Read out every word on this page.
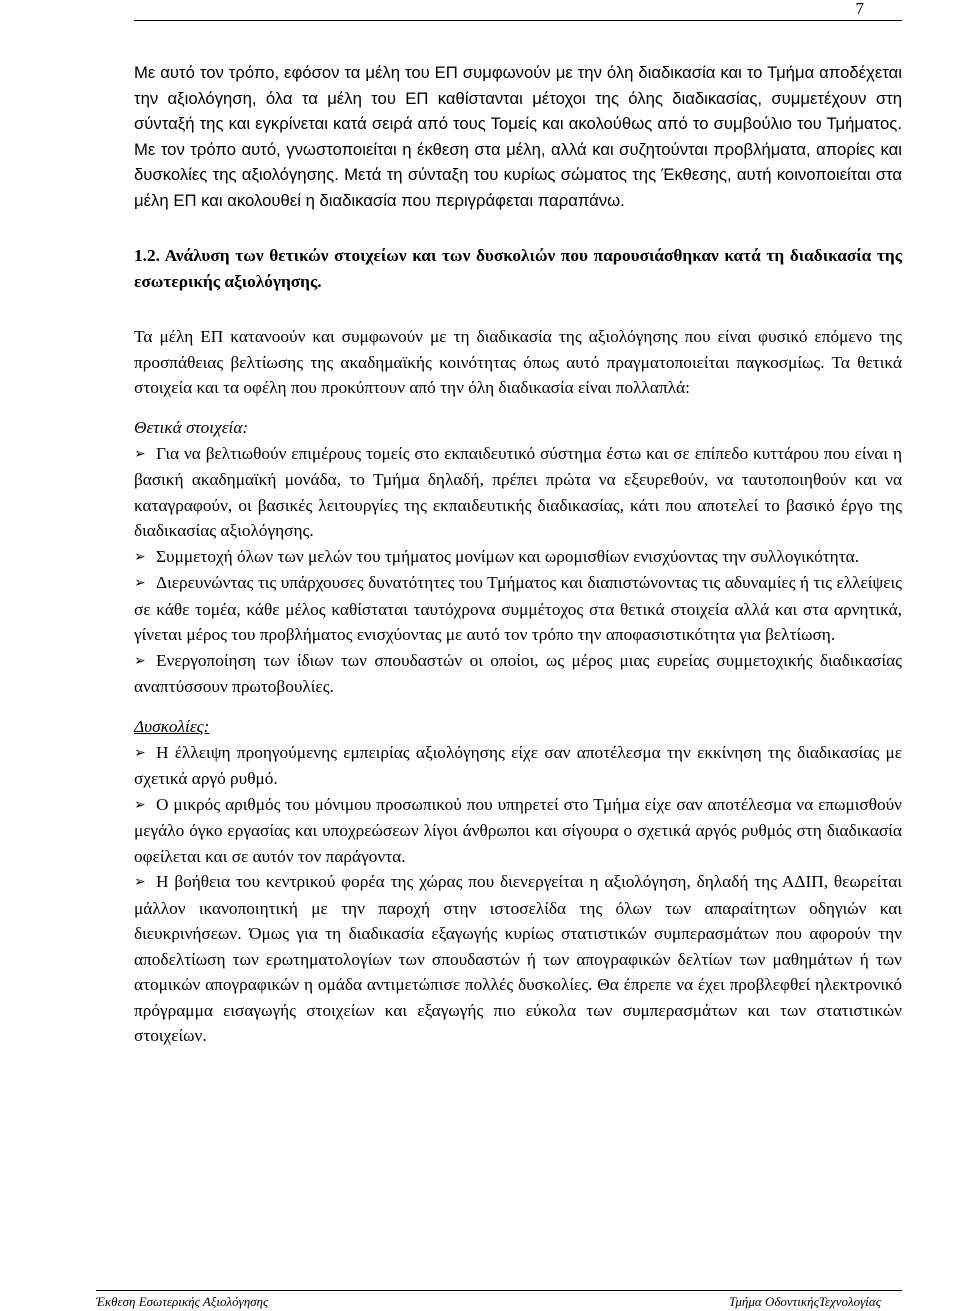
7

Με αυτό τον τρόπο, εφόσον τα μέλη του ΕΠ συμφωνούν με την όλη διαδικασία και το Τμήμα αποδέχεται την αξιολόγηση, όλα τα μέλη του ΕΠ καθίστανται μέτοχοι της όλης διαδικασίας, συμμετέχουν στη σύνταξή της και εγκρίνεται κατά σειρά από τους Τομείς και ακολούθως από το συμβούλιο του Τμήματος. Με τον τρόπο αυτό, γνωστοποιείται η έκθεση στα μέλη, αλλά και συζητούνται προβλήματα, απορίες και δυσκολίες της αξιολόγησης. Μετά τη σύνταξη του κυρίως σώματος της Έκθεσης, αυτή κοινοποιείται στα μέλη ΕΠ και ακολουθεί η διαδικασία που περιγράφεται παραπάνω.

1.2. Ανάλυση των θετικών στοιχείων και των δυσκολιών που παρουσιάσθηκαν κατά τη διαδικασία της εσωτερικής αξιολόγησης.

Τα μέλη ΕΠ κατανοούν και συμφωνούν με τη διαδικασία της αξιολόγησης που είναι φυσικό επόμενο της προσπάθειας βελτίωσης της ακαδημαϊκής κοινότητας όπως αυτό πραγματοποιείται παγκοσμίως. Τα θετικά στοιχεία και τα οφέλη που προκύπτουν από την όλη διαδικασία είναι πολλαπλά:

Θετικά στοιχεία:

➢ Για να βελτιωθούν επιμέρους τομείς στο εκπαιδευτικό σύστημα έστω και σε επίπεδο κυττάρου που είναι η βασική ακαδημαϊκή μονάδα, το Τμήμα δηλαδή, πρέπει πρώτα να εξευρεθούν, να ταυτοποιηθούν και να καταγραφούν, οι βασικές λειτουργίες της εκπαιδευτικής διαδικασίας, κάτι που αποτελεί το βασικό έργο της διαδικασίας αξιολόγησης.
➢ Συμμετοχή όλων των μελών του τμήματος μονίμων και ωρομισθίων ενισχύοντας την συλλογικότητα.
➢ Διερευνώντας τις υπάρχουσες δυνατότητες του Τμήματος και διαπιστώνοντας τις αδυναμίες ή τις ελλείψεις σε κάθε τομέα, κάθε μέλος καθίσταται ταυτόχρονα συμμέτοχος στα θετικά στοιχεία αλλά και στα αρνητικά, γίνεται μέρος του προβλήματος ενισχύοντας με αυτό τον τρόπο την αποφασιστικότητα για βελτίωση.
➢ Ενεργοποίηση των ίδιων των σπουδαστών οι οποίοι, ως μέρος μιας ευρείας συμμετοχικής διαδικασίας αναπτύσσουν πρωτοβουλίες.

Δυσκολίες:

➢ Η έλλειψη προηγούμενης εμπειρίας αξιολόγησης είχε σαν αποτέλεσμα την εκκίνηση της διαδικασίας με σχετικά αργό ρυθμό.
➢ Ο μικρός αριθμός του μόνιμου προσωπικού που υπηρετεί στο Τμήμα είχε σαν αποτέλεσμα να επωμισθούν μεγάλο όγκο εργασίας και υποχρεώσεων λίγοι άνθρωποι και σίγουρα ο σχετικά αργός ρυθμός στη διαδικασία οφείλεται και σε αυτόν τον παράγοντα.
➢ Η βοήθεια του κεντρικού φορέα της χώρας που διενεργείται η αξιολόγηση, δηλαδή της ΑΔΙΠ, θεωρείται μάλλον ικανοποιητική με την παροχή στην ιστοσελίδα της όλων των απαραίτητων οδηγιών και διευκρινήσεων. Όμως για τη διαδικασία εξαγωγής κυρίως στατιστικών συμπερασμάτων που αφορούν την αποδελτίωση των ερωτηματολογίων των σπουδαστών ή των απογραφικών δελτίων των μαθημάτων ή των ατομικών απογραφικών η ομάδα αντιμετώπισε πολλές δυσκολίες. Θα έπρεπε να έχει προβλεφθεί ηλεκτρονικό πρόγραμμα εισαγωγής στοιχείων και εξαγωγής πιο εύκολα των συμπερασμάτων και των στατιστικών στοιχείων.
Έκθεση Εσωτερικής Αξιολόγησης	Τμήμα ΟδοντικήςΤεχνολογίας
